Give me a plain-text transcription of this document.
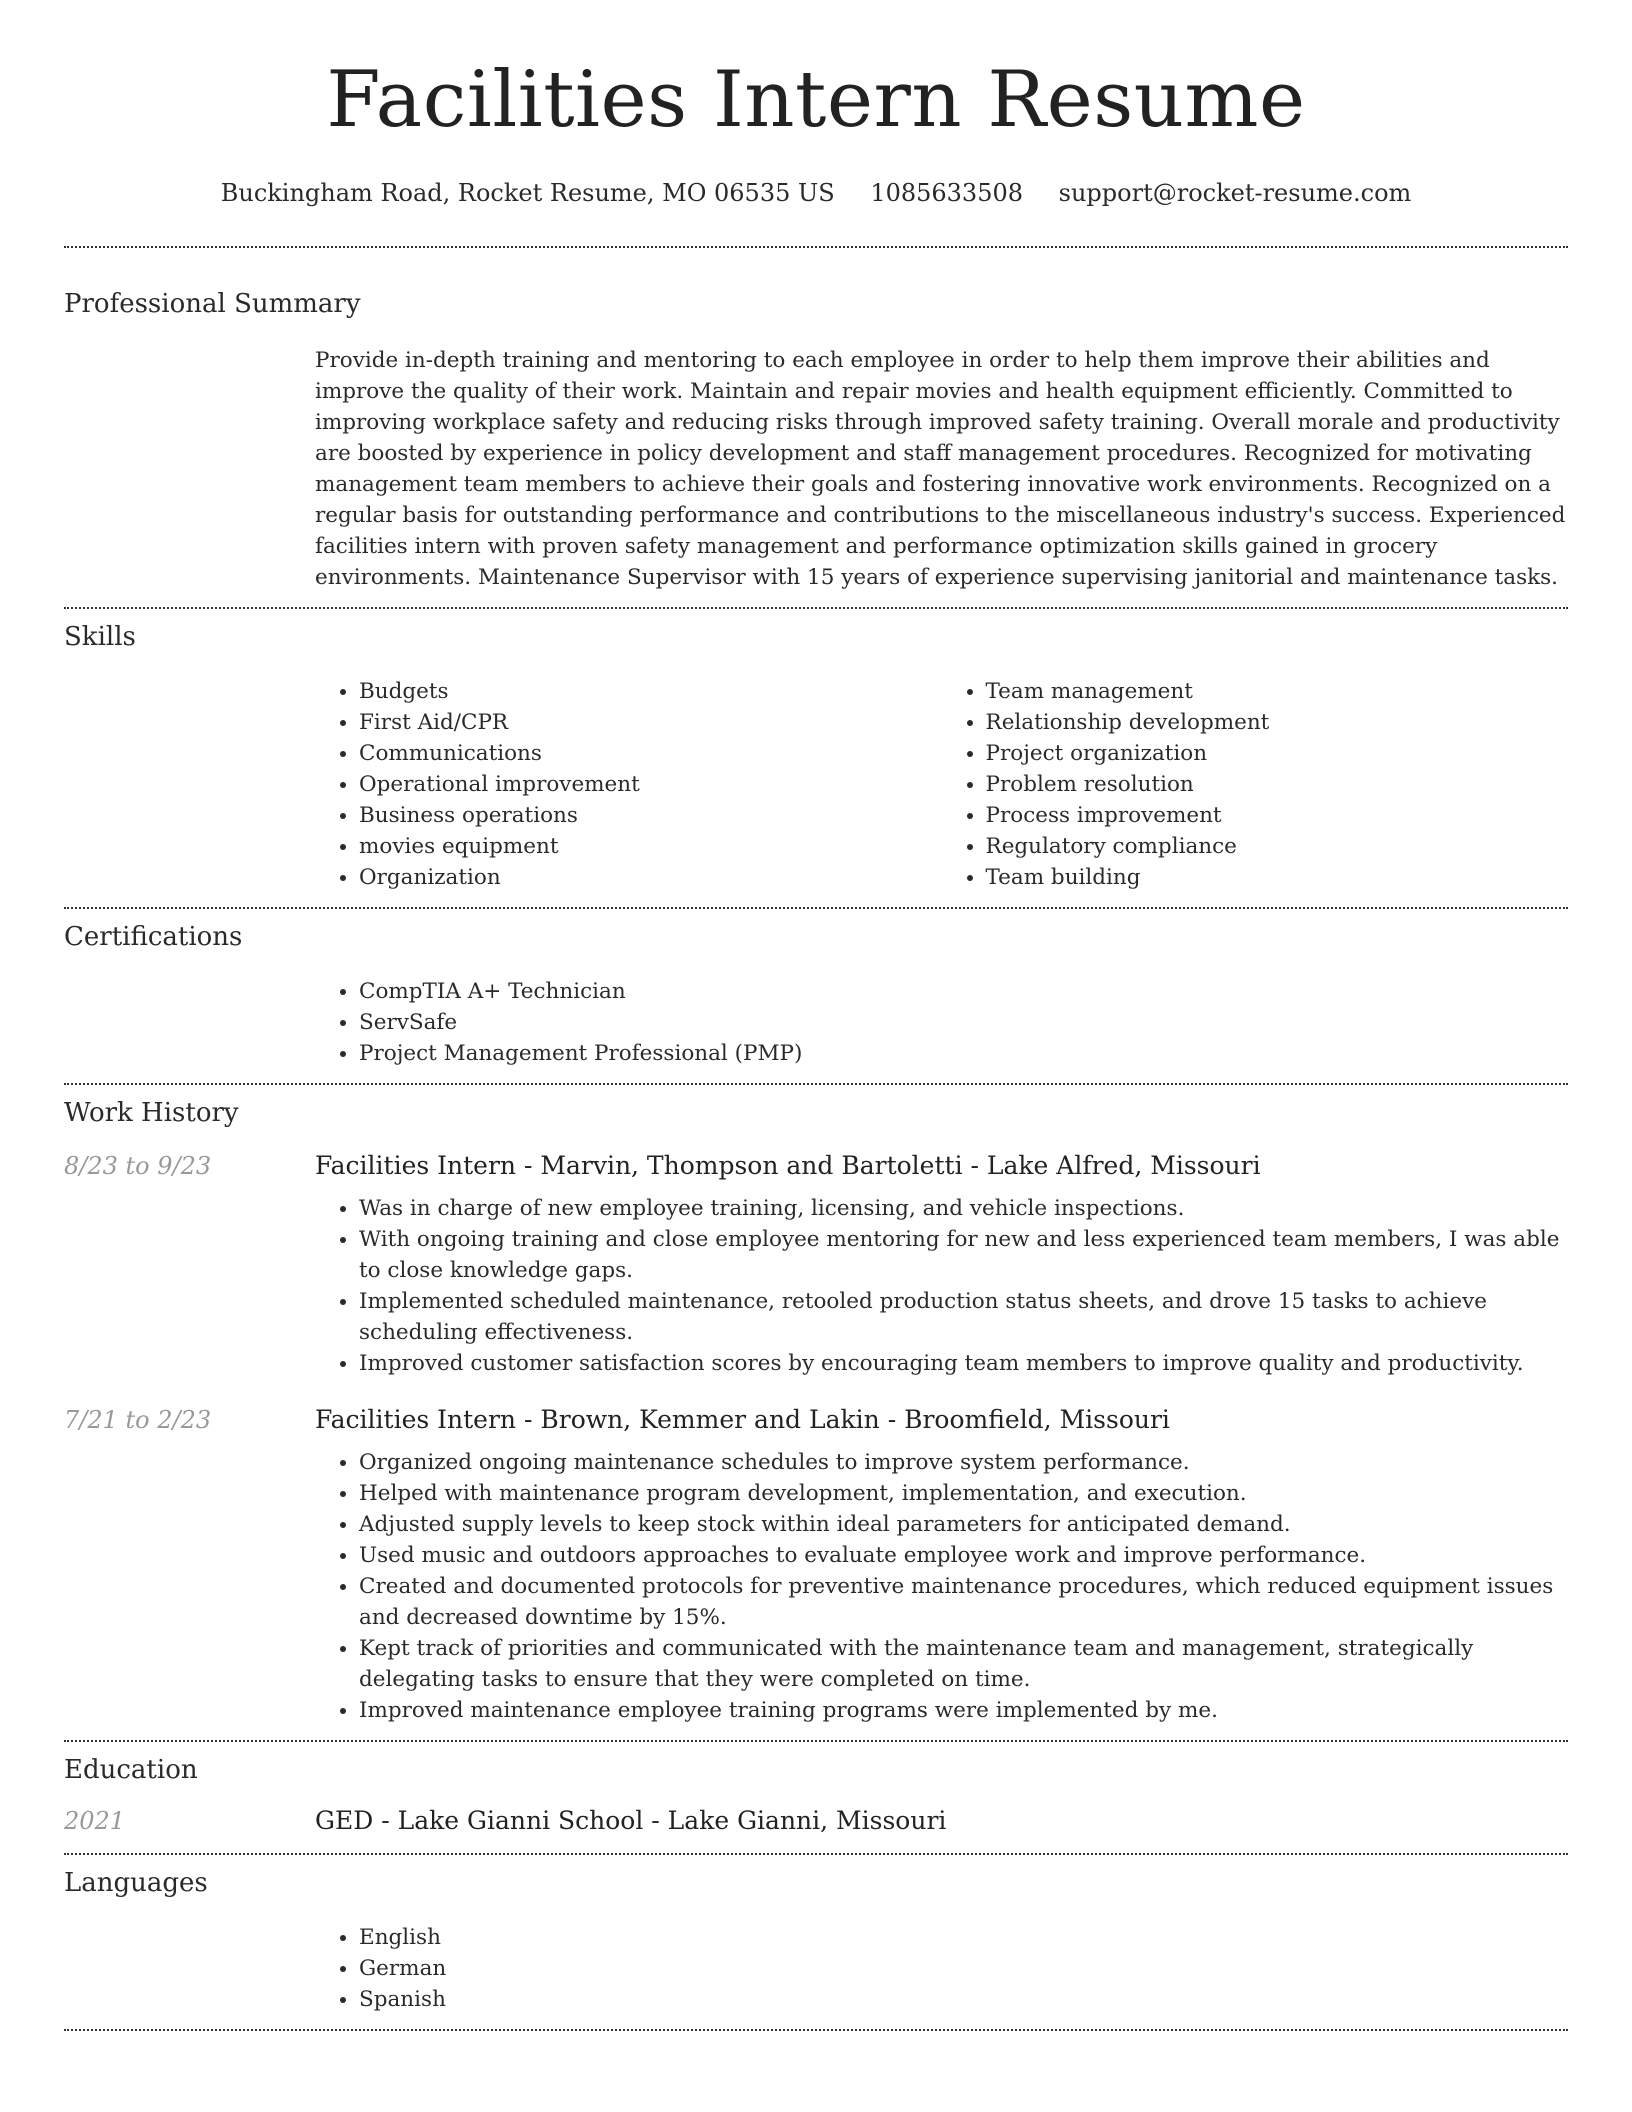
Facilities Intern Resume
Buckingham Road, Rocket Resume, MO 06535 US 1085633508 support@rocket-resume.com
Professional Summary

Provide in-depth training and mentoring to each employee in order to help them improve their abilities and improve the quality of their work. Maintain and repair movies and health equipment efficiently. Committed to improving workplace safety and reducing risks through improved safety training. Overall morale and productivity are boosted by experience in policy development and staff management procedures. Recognized for motivating management team members to achieve their goals and fostering innovative work environments. Recognized on a regular basis for outstanding performance and contributions to the miscellaneous industry's success. Experienced facilities intern with proven safety management and performance optimization skills gained in grocery environments. Maintenance Supervisor with 15 years of experience supervising janitorial and maintenance tasks.

Skills
• Budgets
• First Aid/CPR
• Communications
• Operational improvement
• Business operations
• movies equipment
• Organization
• Team management
• Relationship development
• Project organization
• Problem resolution
• Process improvement
• Regulatory compliance
• Team building
Certifications
• CompTIA A+ Technician
• ServSafe
• Project Management Professional (PMP)
Work History
8/23 to 9/23	Facilities Intern - Marvin, Thompson and Bartoletti - Lake Alfred, Missouri
• Was in charge of new employee training, licensing, and vehicle inspections.
• With ongoing training and close employee mentoring for new and less experienced team members, I was able to close knowledge gaps.
• Implemented scheduled maintenance, retooled production status sheets, and drove 15 tasks to achieve scheduling effectiveness.
• Improved customer satisfaction scores by encouraging team members to improve quality and productivity.
7/21 to 2/23	Facilities Intern - Brown, Kemmer and Lakin - Broomfield, Missouri
• Organized ongoing maintenance schedules to improve system performance.
• Helped with maintenance program development, implementation, and execution.
• Adjusted supply levels to keep stock within ideal parameters for anticipated demand.
• Used music and outdoors approaches to evaluate employee work and improve performance.
• Created and documented protocols for preventive maintenance procedures, which reduced equipment issues and decreased downtime by 15%.
• Kept track of priorities and communicated with the maintenance team and management, strategically delegating tasks to ensure that they were completed on time.
• Improved maintenance employee training programs were implemented by me.
Education
2021	GED - Lake Gianni School - Lake Gianni, Missouri
Languages
• English
• German
• Spanish
